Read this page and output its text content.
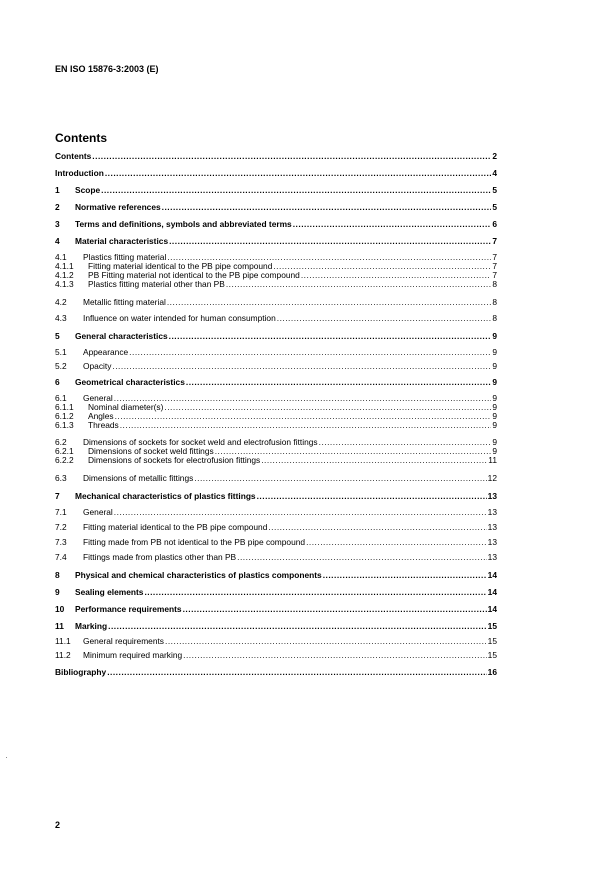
EN ISO 15876-3:2003 (E)
Contents
Contents .....	2
Introduction .....	4
1	Scope .....	5
2	Normative references .....	5
3	Terms and definitions, symbols and abbreviated terms .....	6
4	Material characteristics .....	7
4.1	Plastics fitting material .....	7
4.1.1	Fitting material identical to the PB pipe compound .....	7
4.1.2	PB Fitting material not identical to the PB pipe compound .....	7
4.1.3	Plastics fitting material other than PB .....	8
4.2	Metallic fitting material .....	8
4.3	Influence on water intended for human consumption .....	8
5	General characteristics .....	9
5.1	Appearance .....	9
5.2	Opacity .....	9
6	Geometrical characteristics .....	9
6.1	General .....	9
6.1.1	Nominal diameter(s) .....	9
6.1.2	Angles .....	9
6.1.3	Threads .....	9
6.2	Dimensions of sockets for socket weld and electrofusion fittings .....	9
6.2.1	Dimensions of socket weld fittings .....	9
6.2.2	Dimensions of sockets for electrofusion fittings .....	11
6.3	Dimensions of metallic fittings .....	12
7	Mechanical characteristics of plastics fittings .....	13
7.1	General .....	13
7.2	Fitting material identical to the PB pipe compound .....	13
7.3	Fitting made from PB not identical to the PB pipe compound .....	13
7.4	Fittings made from plastics other than PB .....	13
8	Physical and chemical characteristics of plastics components .....	14
9	Sealing elements .....	14
10	Performance requirements .....	14
11	Marking .....	15
11.1	General requirements .....	15
11.2	Minimum required marking .....	15
Bibliography .....	16
2
